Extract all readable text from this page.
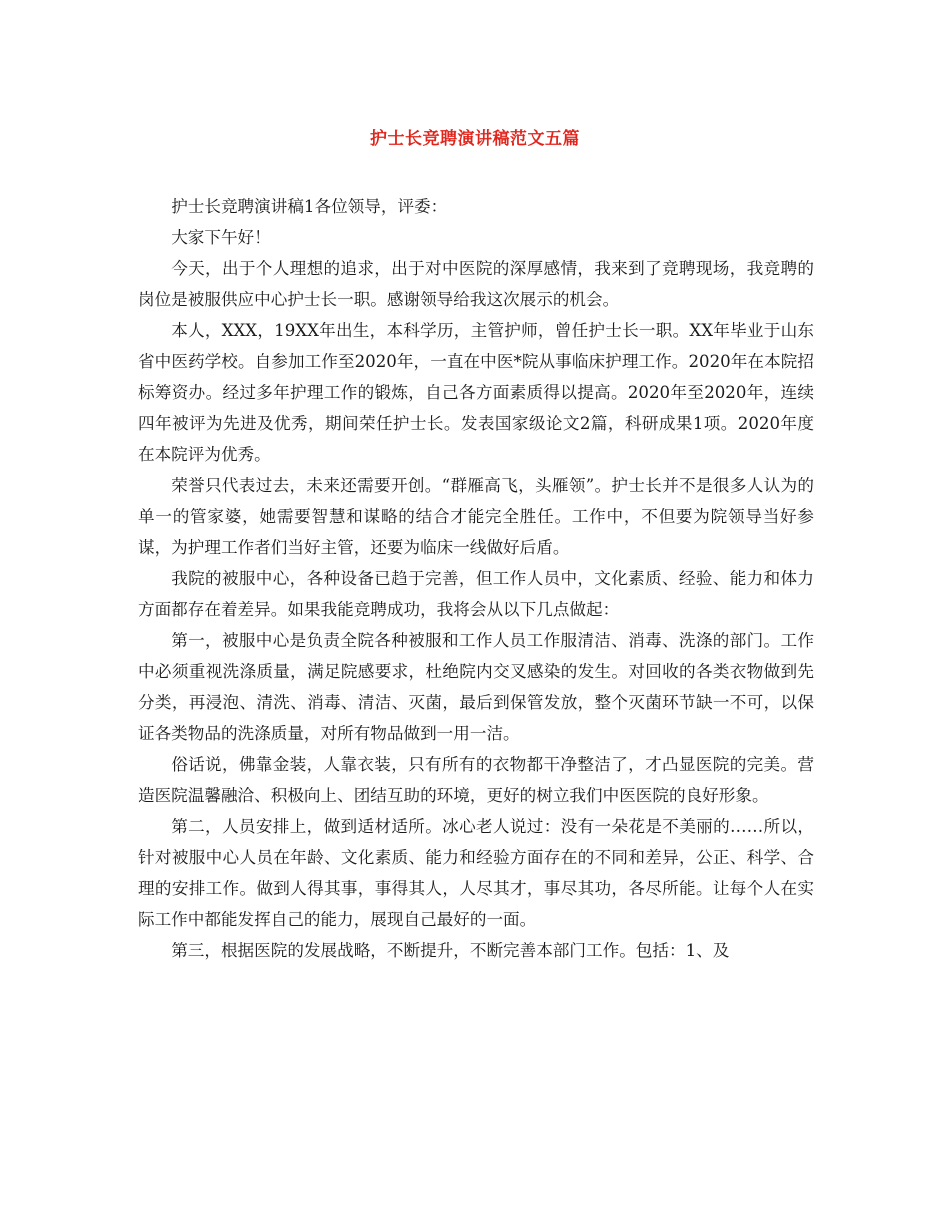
护士长竞聘演讲稿范文五篇

护士长竞聘演讲稿1各位领导，评委：

大家下午好！

今天，出于个人理想的追求，出于对中医院的深厚感情，我来到了竞聘现场，我竞聘的岗位是被服供应中心护士长一职。感谢领导给我这次展示的机会。

本人，XXX，19XX年出生，本科学历，主管护师，曾任护士长一职。XX年毕业于山东省中医药学校。自参加工作至2020年，一直在中医*院从事临床护理工作。2020年在本院招标筹资办。经过多年护理工作的锻炼，自己各方面素质得以提高。2020年至2020年，连续四年被评为先进及优秀，期间荣任护士长。发表国家级论文2篇，科研成果1项。2020年度在本院评为优秀。

荣誉只代表过去，未来还需要开创。“群雁高飞，头雁领”。护士长并不是很多人认为的单一的管家婆，她需要智慧和谋略的结合才能完全胜任。工作中，不但要为院领导当好参谋，为护理工作者们当好主管，还要为临床一线做好后盾。

我院的被服中心，各种设备已趋于完善，但工作人员中，文化素质、经验、能力和体力方面都存在着差异。如果我能竞聘成功，我将会从以下几点做起：

第一，被服中心是负责全院各种被服和工作人员工作服清洁、消毒、洗涤的部门。工作中必须重视洗涤质量，满足院感要求，杜绝院内交叉感染的发生。对回收的各类衣物做到先分类，再浸泡、清洗、消毒、清洁、灭菌，最后到保管发放，整个灭菌环节缺一不可，以保证各类物品的洗涤质量，对所有物品做到一用一洁。

俗话说，佛靠金装，人靠衣装，只有所有的衣物都干净整洁了，才凸显医院的完美。营造医院温馨融洽、积极向上、团结互助的环境，更好的树立我们中医医院的良好形象。

第二，人员安排上，做到适材适所。冰心老人说过：没有一朵花是不美丽的……所以，针对被服中心人员在年龄、文化素质、能力和经验方面存在的不同和差异，公正、科学、合理的安排工作。做到人得其事，事得其人，人尽其才，事尽其功，各尽所能。让每个人在实际工作中都能发挥自己的能力，展现自己最好的一面。

第三，根据医院的发展战略，不断提升，不断完善本部门工作。包括：1、及
